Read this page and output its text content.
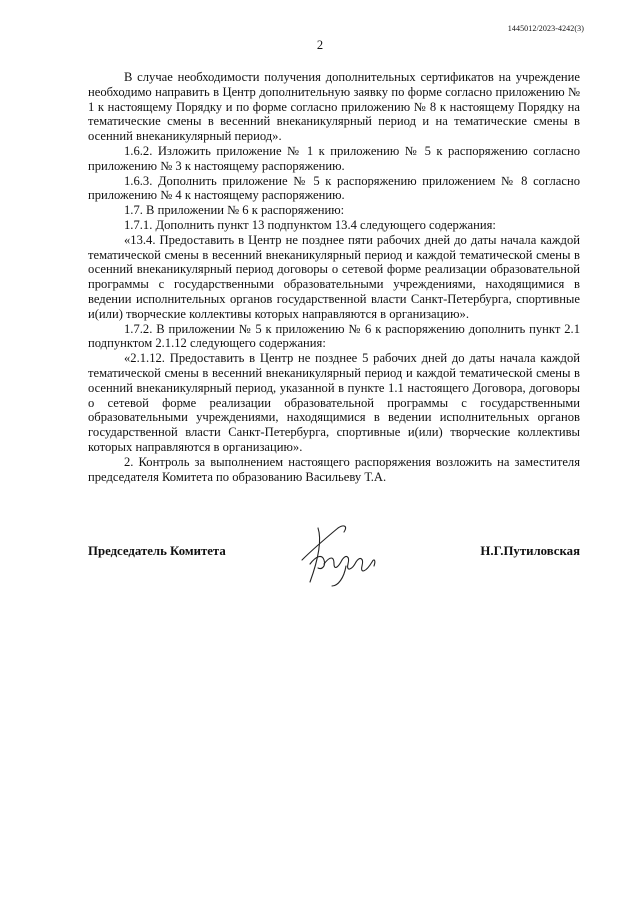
1445012/2023-4242(3)
2

В случае необходимости получения дополнительных сертификатов на учреждение необходимо направить в Центр дополнительную заявку по форме согласно приложению № 1 к настоящему Порядку и по форме согласно приложению № 8 к настоящему Порядку на тематические смены в весенний внеканикулярный период и на тематические смены в осенний внеканикулярный период».

1.6.2. Изложить приложение № 1 к приложению № 5 к распоряжению согласно приложению № 3 к настоящему распоряжению.

1.6.3. Дополнить приложение № 5 к распоряжению приложением № 8 согласно приложению № 4 к настоящему распоряжению.

1.7. В приложении № 6 к распоряжению:

1.7.1. Дополнить пункт 13 подпунктом 13.4 следующего содержания:

«13.4. Предоставить в Центр не позднее пяти рабочих дней до даты начала каждой тематической смены в весенний внеканикулярный период и каждой тематической смены в осенний внеканикулярный период договоры о сетевой форме реализации образовательной программы с государственными образовательными учреждениями, находящимися в ведении исполнительных органов государственной власти Санкт-Петербурга, спортивные и(или) творческие коллективы которых направляются в организацию».

1.7.2. В приложении № 5 к приложению № 6 к распоряжению дополнить пункт 2.1 подпунктом 2.1.12 следующего содержания:

«2.1.12. Предоставить в Центр не позднее 5 рабочих дней до даты начала каждой тематической смены в весенний внеканикулярный период и каждой тематической смены в осенний внеканикулярный период, указанной в пункте 1.1 настоящего Договора, договоры о сетевой форме реализации образовательной программы с государственными образовательными учреждениями, находящимися в ведении исполнительных органов государственной власти Санкт-Петербурга, спортивные и(или) творческие коллективы которых направляются в организацию».

2. Контроль за выполнением настоящего распоряжения возложить на заместителя председателя Комитета по образованию Васильеву Т.А.

Председатель Комитета	Н.Г.Путиловская
